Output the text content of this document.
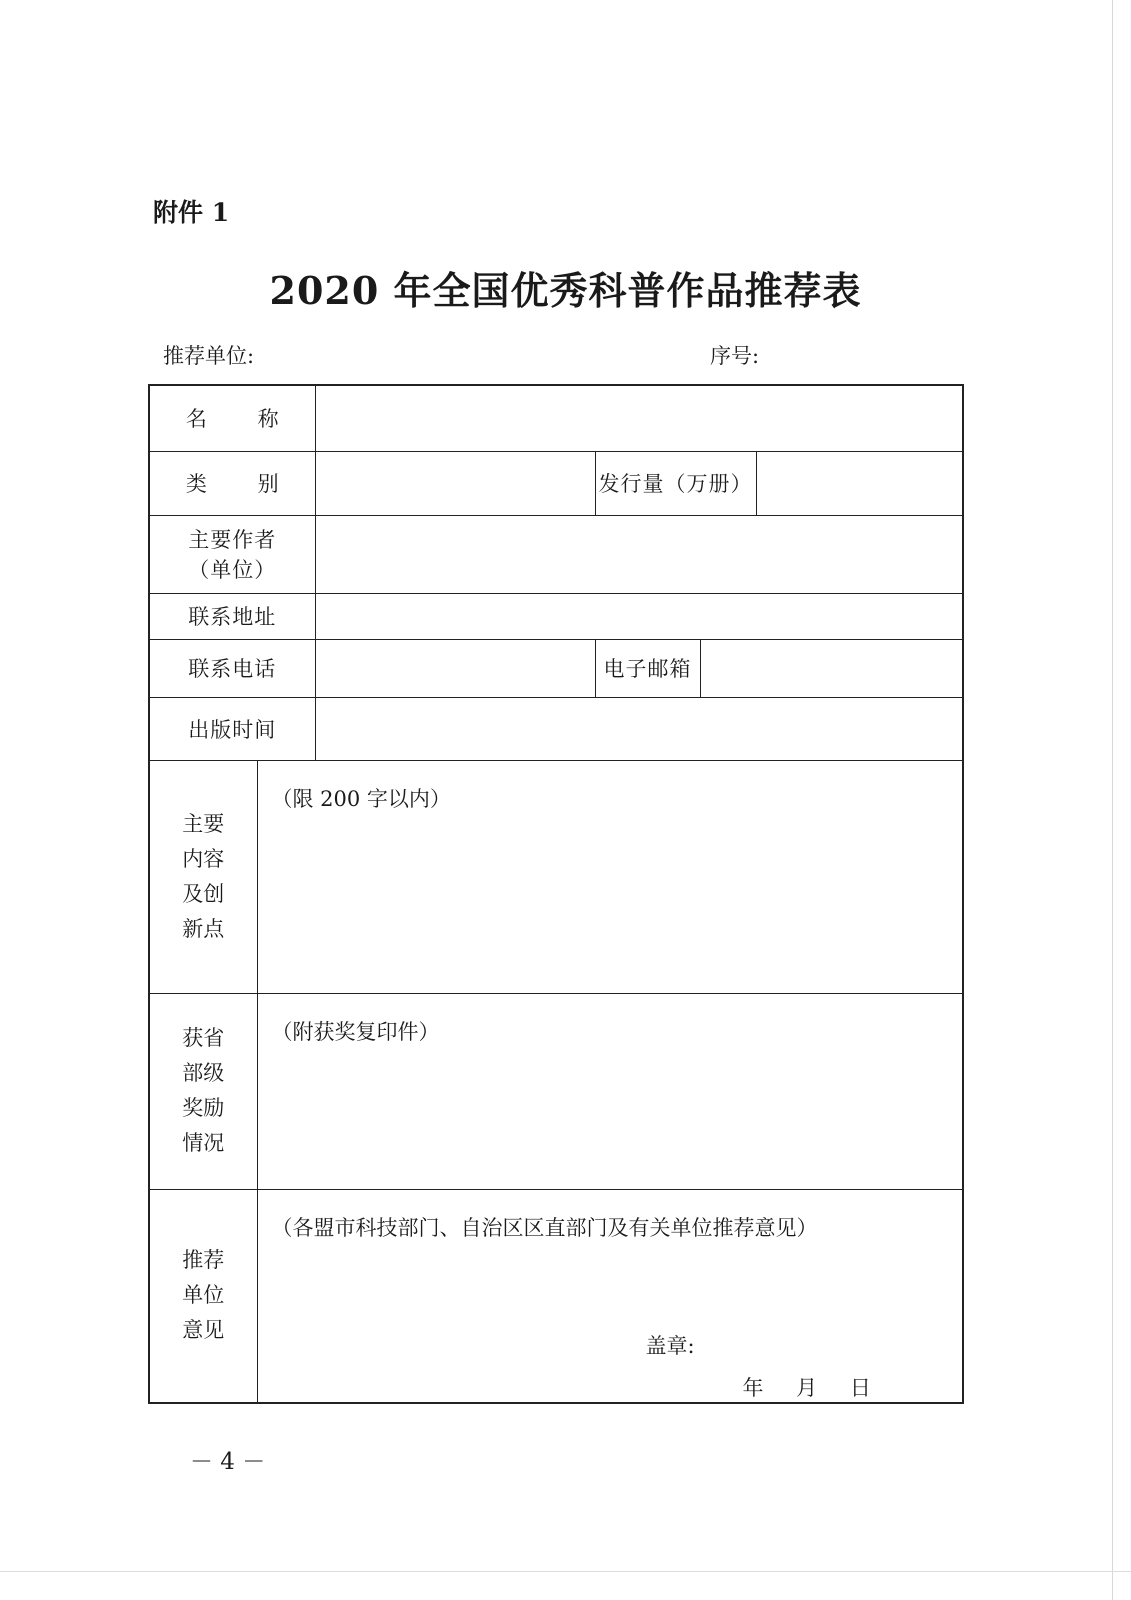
附件 1
2020 年全国优秀科普作品推荐表
推荐单位:	序号:
名 称					
类 别			发行量（万册）		

主要作者
（单位）					

联系地址					
联系电话			电子邮箱		
出版时间					

主要
内容
及创
新点	（限 200 字以内）				

获省
部级
奖励
情况	（附获奖复印件）				

推荐
单位
意见	（各盟市科技部门、自治区区直部门及有关单位推荐意见）
盖章:
年 月 日				
－ 4 －
